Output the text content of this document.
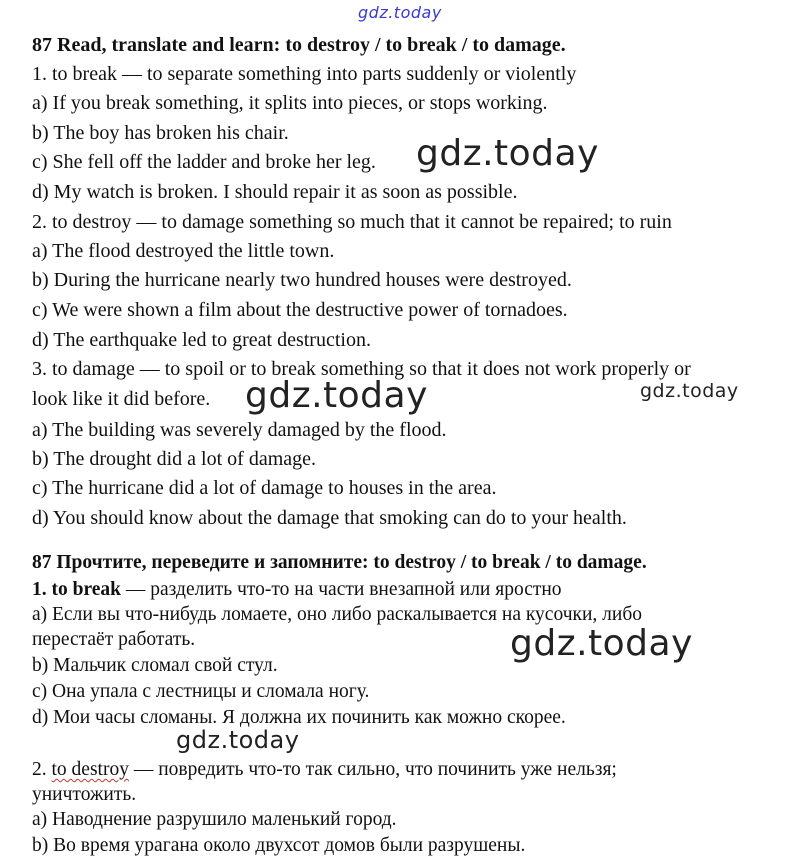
gdz.today
87 Read, translate and learn: to destroy / to break / to damage.
1. to break — to separate something into parts suddenly or violently
a) If you break something, it splits into pieces, or stops working.
b) The boy has broken his chair.
c) She fell off the ladder and broke her leg.
d) My watch is broken. I should repair it as soon as possible.
2. to destroy — to damage something so much that it cannot be repaired; to ruin
a) The flood destroyed the little town.
b) During the hurricane nearly two hundred houses were destroyed.
c) We were shown a film about the destructive power of tornadoes.
d) The earthquake led to great destruction.
3. to damage — to spoil or to break something so that it does not work properly or
look like it did before.
a) The building was severely damaged by the flood.
b) The drought did a lot of damage.
c) The hurricane did a lot of damage to houses in the area.
d) You should know about the damage that smoking can do to your health.
87 Прочтите, переведите и запомните: to destroy / to break / to damage.
1. to break — разделить что-то на части внезапной или яростно
a) Если вы что-нибудь ломаете, оно либо раскалывается на кусочки, либо
перестаёт работать.
b) Мальчик сломал свой стул.
c) Она упала с лестницы и сломала ногу.
d) Мои часы сломаны. Я должна их починить как можно скорее.
2. to destroy — повредить что-то так сильно, что починить уже нельзя;
уничтожить.
a) Наводнение разрушило маленький город.
b) Во время урагана около двухсот домов были разрушены.
gdz.today
gdz.today	gdz.today
gdz.today
gdz.today
